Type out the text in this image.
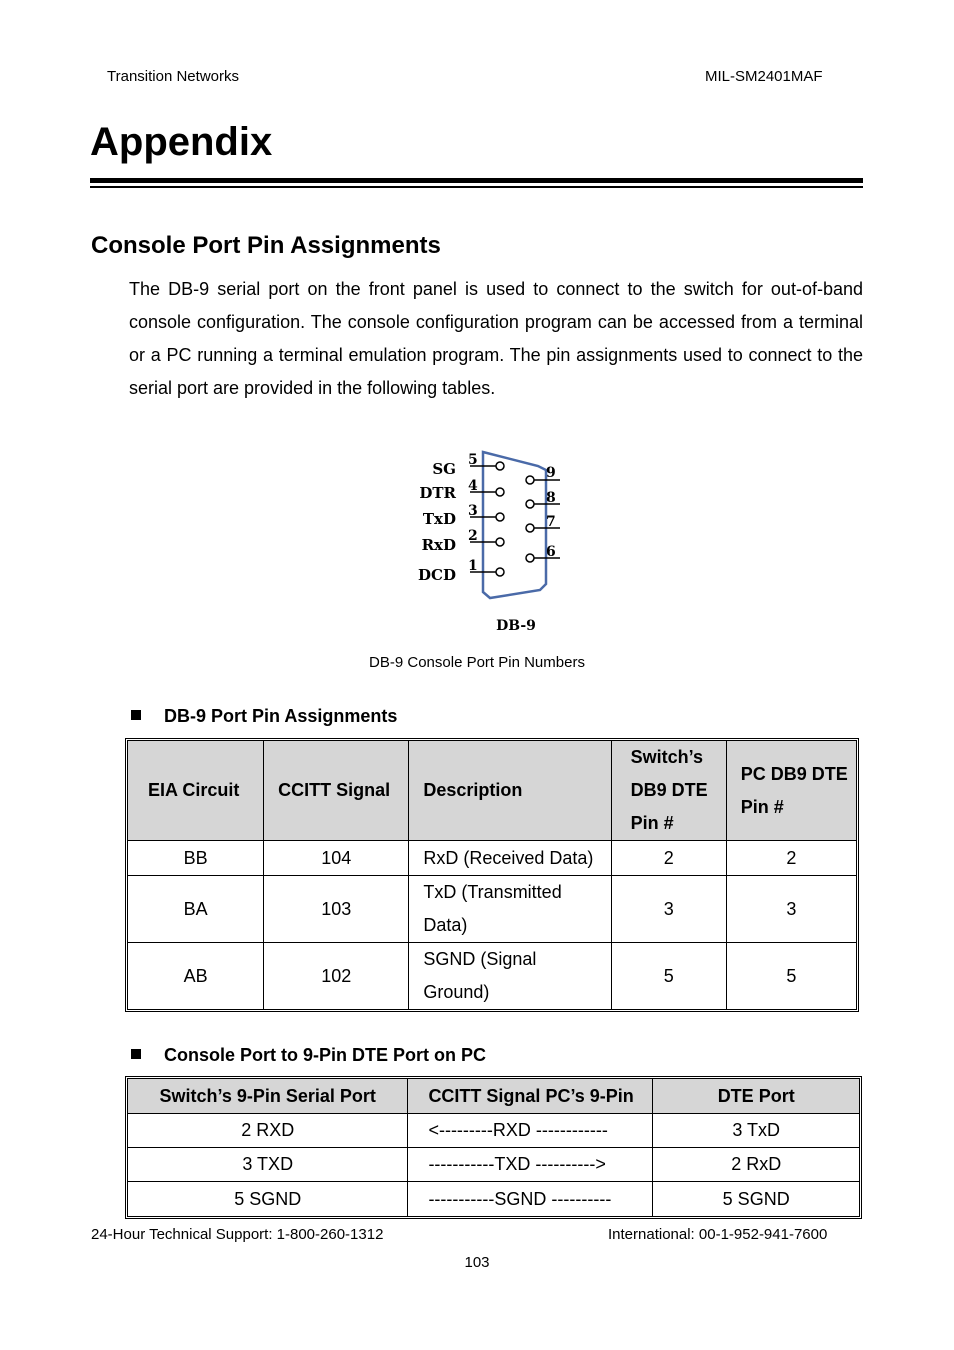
Transition Networks	MIL-SM2401MAF
Appendix
Console Port Pin Assignments

The DB-9 serial port on the front panel is used to connect to the switch for out-of-band console configuration. The console configuration program can be accessed from a terminal or a PC running a terminal emulation program. The pin assignments used to connect to the serial port are provided in the following tables.

SG
DTR
TxD
RxD
DCD
5
4
3
2
1
9
8
7
6
DB-9
DB-9 Console Port Pin Numbers
DB-9 Port Pin Assignments
EIA Circuit	CCITT Signal	Description	Switch’s DB9 DTE Pin #	PC DB9 DTE Pin #
BB	104	RxD (Received Data)	2	2
BA	103	TxD (Transmitted Data)	3	3
AB	102	SGND (Signal Ground)	5	5
Console Port to 9-Pin DTE Port on PC
Switch’s 9-Pin Serial Port	CCITT Signal PC’s 9-Pin	DTE Port
2 RXD	<---------RXD ------------	3 TxD
3 TXD	-----------TXD ---------->	2 RxD
5 SGND	-----------SGND ----------	5 SGND
24-Hour Technical Support: 1-800-260-1312	International: 00-1-952-941-7600
103
